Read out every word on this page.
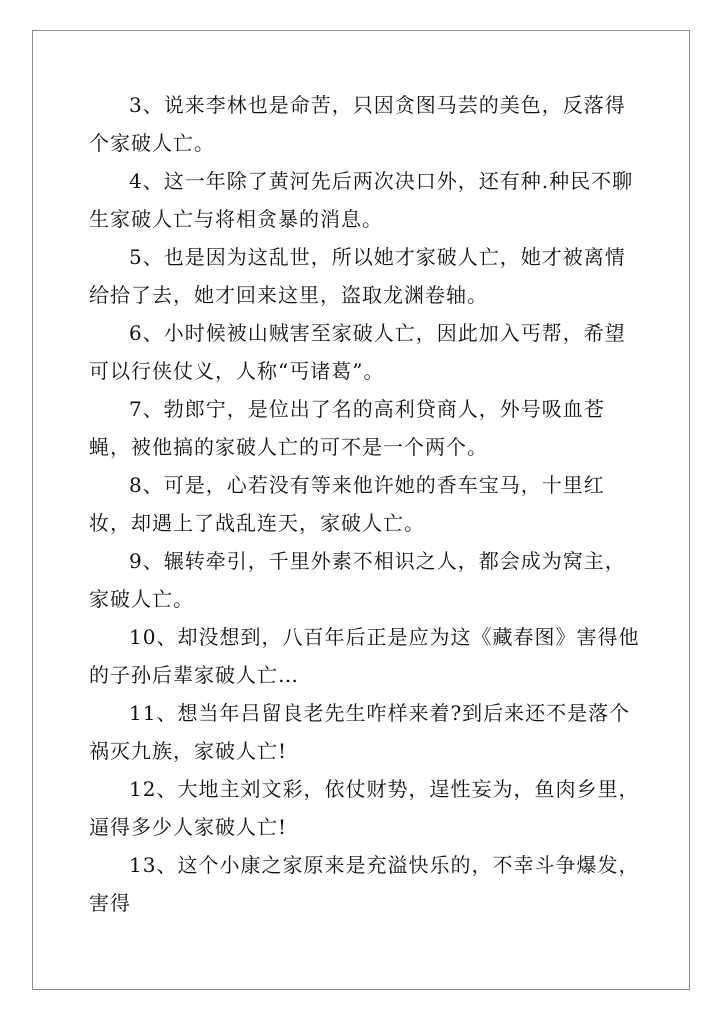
3、说来李林也是命苦，只因贪图马芸的美色，反落得个家破人亡。

4、这一年除了黄河先后两次决口外，还有种.种民不聊生家破人亡与将相贪暴的消息。

5、也是因为这乱世，所以她才家破人亡，她才被离情给拾了去，她才回来这里，盗取龙渊卷轴。

6、小时候被山贼害至家破人亡，因此加入丐帮，希望可以行侠仗义，人称“丐诸葛”。

7、勃郎宁，是位出了名的高利贷商人，外号吸血苍蝇，被他搞的家破人亡的可不是一个两个。

8、可是，心若没有等来他许她的香车宝马，十里红妆，却遇上了战乱连天，家破人亡。

9、辗转牵引，千里外素不相识之人，都会成为窝主，家破人亡。

10、却没想到，八百年后正是应为这《藏春图》害得他的子孙后辈家破人亡…

11、想当年吕留良老先生咋样来着?到后来还不是落个祸灭九族，家破人亡!

12、大地主刘文彩，依仗财势，逞性妄为，鱼肉乡里，逼得多少人家破人亡!

13、这个小康之家原来是充溢快乐的，不幸斗争爆发，害得
